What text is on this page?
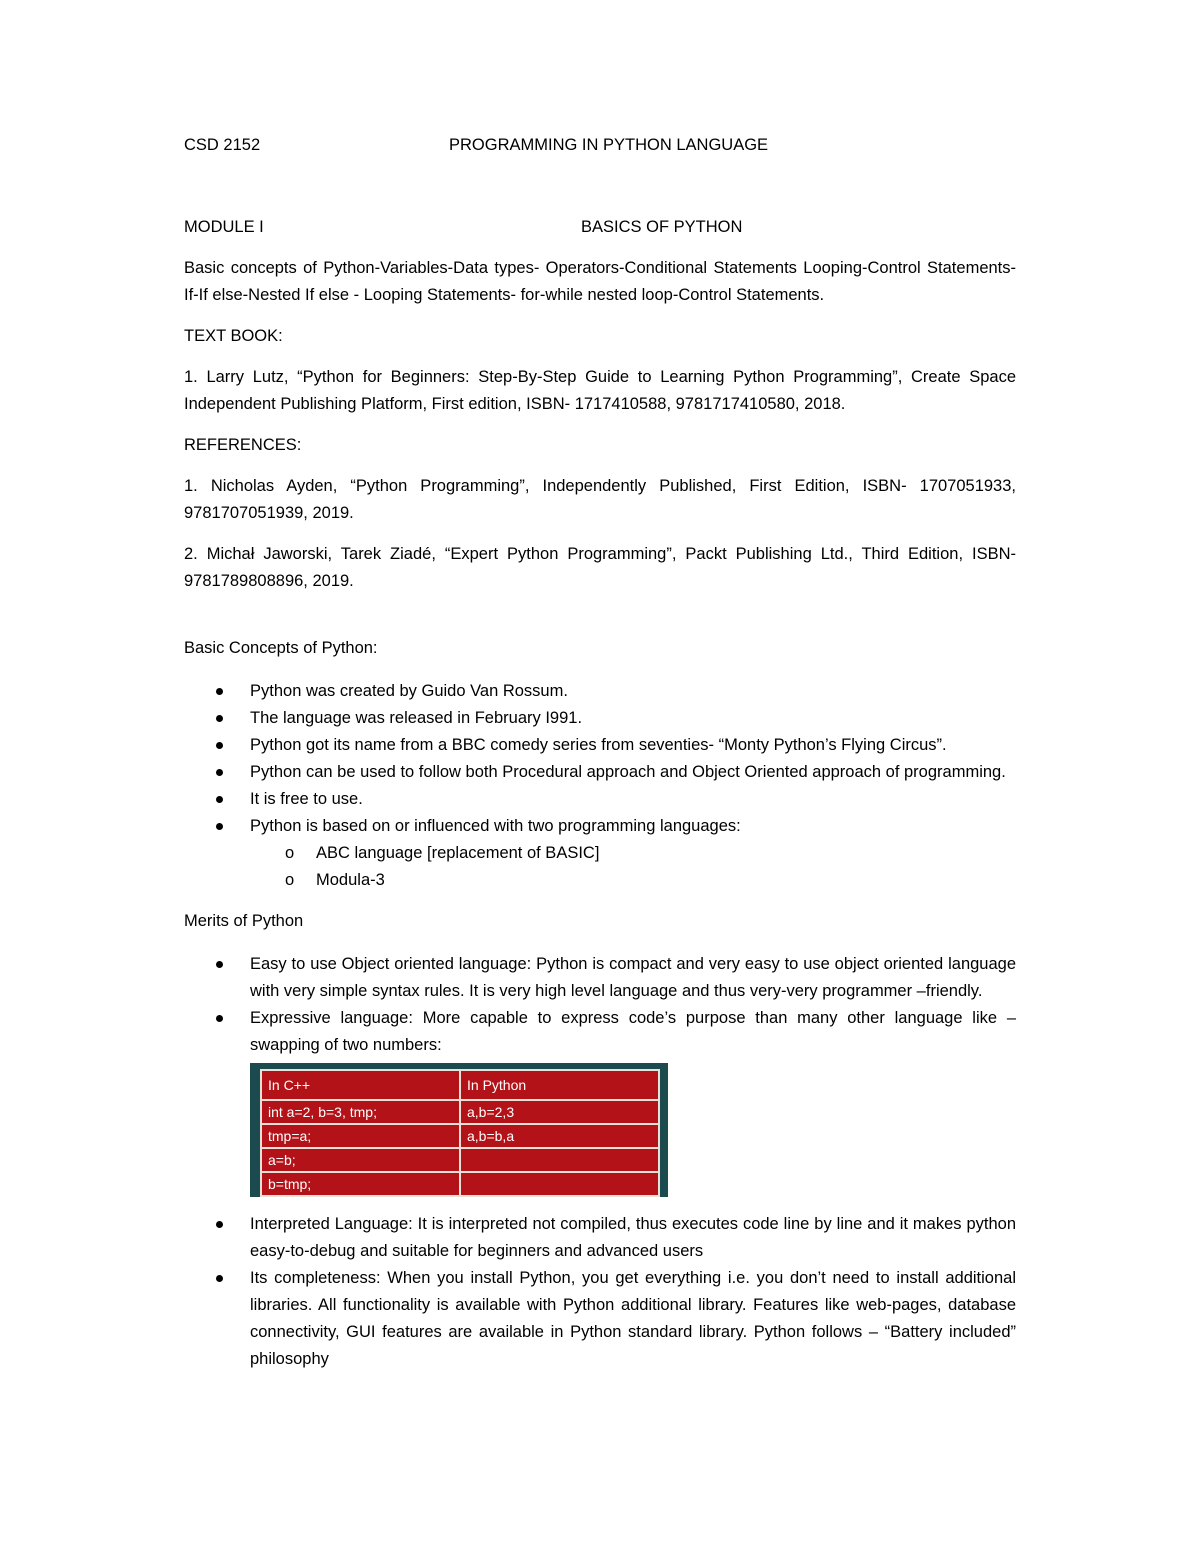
CSD 2152	PROGRAMMING IN PYTHON LANGUAGE
MODULE I	BASICS OF PYTHON

Basic concepts of Python-Variables-Data types- Operators-Conditional Statements Looping-Control Statements-If-If else-Nested If else - Looping Statements- for-while nested loop-Control Statements.

TEXT BOOK:

1. Larry Lutz, “Python for Beginners: Step-By-Step Guide to Learning Python Programming”, Create Space Independent Publishing Platform, First edition, ISBN- 1717410588, 9781717410580, 2018.

REFERENCES:

1. Nicholas Ayden, “Python Programming”, Independently Published, First Edition, ISBN- 1707051933, 9781707051939, 2019.

2. Michał Jaworski, Tarek Ziadé, “Expert Python Programming”, Packt Publishing Ltd., Third Edition, ISBN-9781789808896, 2019.

Basic Concepts of Python:
Python was created by Guido Van Rossum.
The language was released in February I991.
Python got its name from a BBC comedy series from seventies- “Monty Python’s Flying Circus”.
Python can be used to follow both Procedural approach and Object Oriented approach of programming.
It is free to use.
Python is based on or influenced with two programming languages:
o ABC language [replacement of BASIC]
o Modula-3
Merits of Python
Easy to use Object oriented language: Python is compact and very easy to use object oriented language with very simple syntax rules. It is very high level language and thus very-very programmer –friendly.
Expressive language: More capable to express code’s purpose than many other language like – swapping of two numbers:
In C++	In Python
int a=2, b=3, tmp;	a,b=2,3
tmp=a;	a,b=b,a
a=b;	
b=tmp;	
Interpreted Language: It is interpreted not compiled, thus executes code line by line and it makes python easy-to-debug and suitable for beginners and advanced users
Its completeness: When you install Python, you get everything i.e. you don’t need to install additional libraries. All functionality is available with Python additional library. Features like web-pages, database connectivity, GUI features are available in Python standard library. Python follows – “Battery included” philosophy
